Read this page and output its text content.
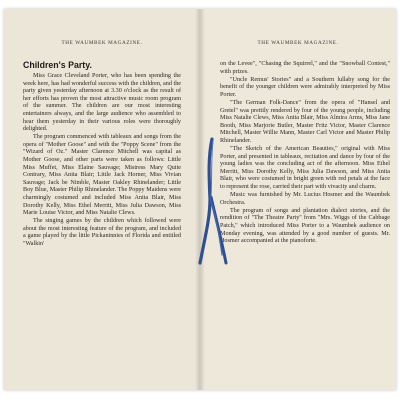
THE WAUMBEK MAGAZINE.
Children's Party.

Miss Grace Cleveland Porter, who has been spending the week here, has had wonderful success with the children, and the party given yesterday afternoon at 3.30 o'clock as the result of her efforts has proven the most attractive music room program of the summer. The children are our most interesting entertainers always, and the large audience who assembled to hear them yesterday in their various roles were thoroughly delighted.

The program commenced with tableaux and songs from the opera of "Mother Goose" and with the "Poppy Scene" from the "Wizard of Oz." Master Clarence Mitchell was capital as Mother Goose, and other parts were taken as follows: Little Miss Muffet, Miss Elaine Sauvage; Mistress Mary Quite Contrary, Miss Anita Blair; Little Jack Horner, Miss Vivian Sauvage; Jack be Nimble, Master Oakley Rhinelander; Little Boy Blue, Master Philip Rhinelander. The Poppy Maidens were charmingly costumed and included Miss Anita Blair, Miss Dorothy Kelly, Miss Ethel Merritt, Miss Julia Dawson, Miss Marie Louise Victor, and Miss Natalie Clews.

The singing games by the children which followed were about the most interesting feature of the program, and included a game played by the little Pickaninnies of Florida and entitled "Walkin'

THE WAUMBEK MAGAZINE.

on the Levee", "Chasing the Squirrel," and the "Snowball Contest," with prizes.

"Uncle Remus' Stories" and a Southern lullaby song for the benefit of the younger children were admirably interpreted by Miss Porter.

"The German Folk-Dance" from the opera of "Hansel and Gretel" was prettily rendered by four of the young people, including Miss Natalie Clews, Miss Anita Blair, Miss Almira Arms, Miss Jane Booth, Miss Marjorie Butler, Master Fritz Victor, Master Clarence Mitchell, Master Willie Mann, Master Carl Victor and Master Philip Rhinelander.

"The Sketch of the American Beauties," original with Miss Porter, and presented in tableaux, recitation and dance by four of the young ladies was the concluding act of the afternoon. Miss Ethel Merritt, Miss Dorothy Kelly, Miss Julia Dawson, and Miss Anita Blair, who were costumed in bright green with red petals at the face to represent the rose, carried their part with vivacity and charm.

Music was furnished by Mr. Lucius Hosmer and the Waumbek Orchestra.

The program of songs and plantation dialect stories, and the rendition of "The Theatre Party" from "Mrs. Wiggs of the Cabbage Patch," which introduced Miss Porter to a Waumbek audience on Monday evening, was attended by a good number of guests. Mr. Hosmer accompanied at the pianoforte.
